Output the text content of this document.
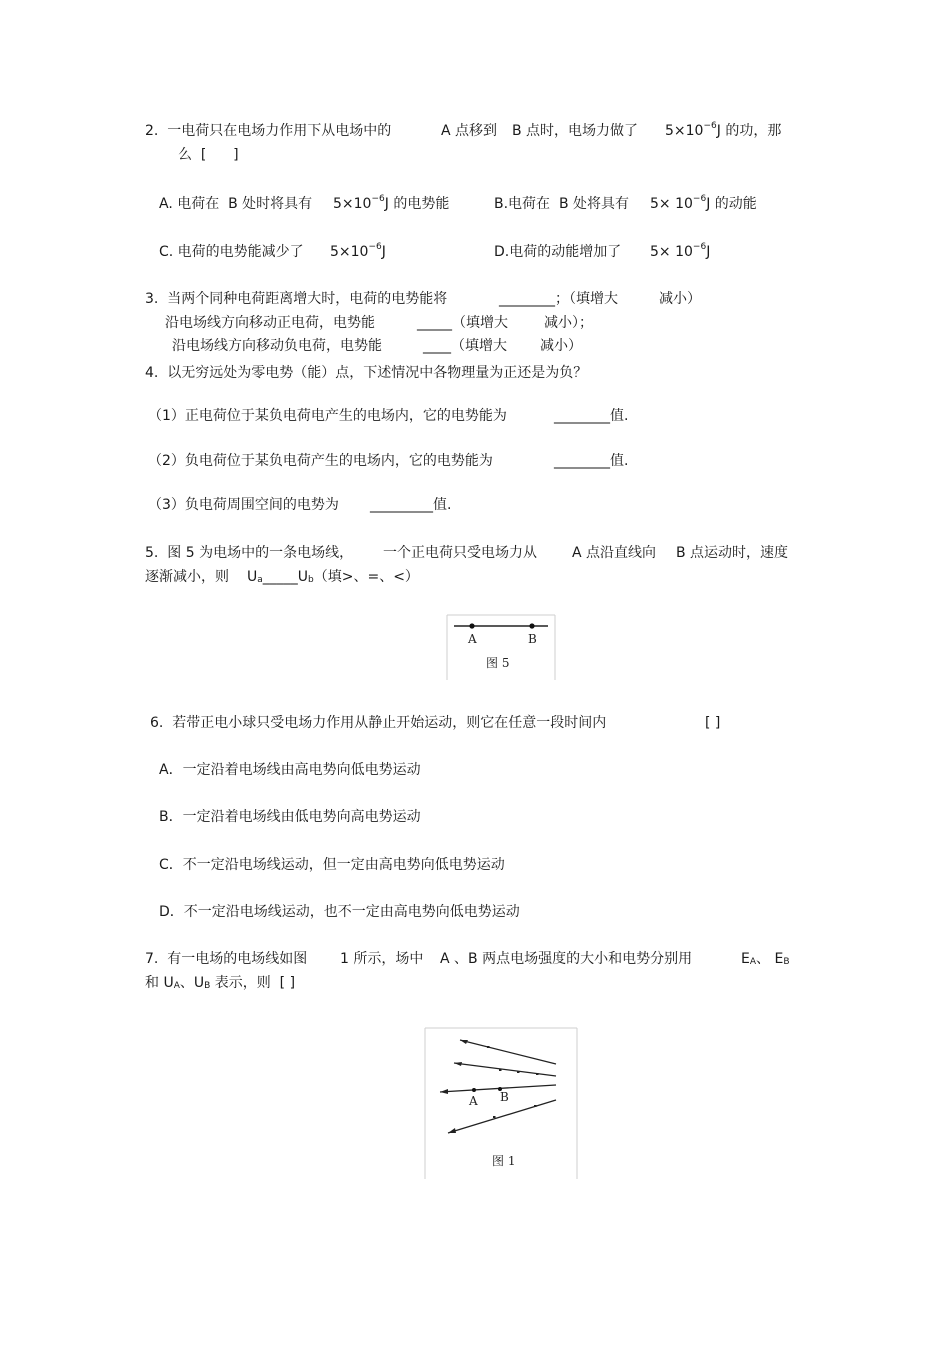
2.  一电荷只在电场力作用下从电场中的	A 点移到 B 点时，电场力做了 $5\times 10^{-6}J$ 的功，那
么  [      ]
A. 电荷在  B 处时将具有 $5\times 10^{-6}J$ 的电势能	B.电荷在  B 处将具有 $5\times 10^{-6}J$ 的动能
C. 电荷的电势能减少了 $5\times 10^{-6}J$	D.电荷的动能增加了 $5\times 10^{-6}J$
3.  当两个同种电荷距离增大时，电荷的电势能将	________；（填增大	减小）
沿电场线方向移动正电荷，电势能	_____（填增大	减小）；
沿电场线方向移动负电荷，电势能	____（填增大 减小）
4.  以无穷远处为零电势（能）点，下述情况中各物理量为正还是为负？
（1）正电荷位于某负电荷电产生的电场内，它的电势能为	________值.
（2）负电荷位于某负电荷产生的电场内，它的电势能为	________值.
（3）负电荷周围空间的电势为 _________值.
5.  图 5 为电场中的一条电场线， 一个正电荷只受电场力从	A 点沿直线向 B 点运动时，速度
逐渐减小，则 $U_a\_\_\_\_\_U_b$（填>、=、<）
A	B
图 5
6.  若带正电小球只受电场力作用从静止开始运动，则它在任意一段时间内	[ ]
A．一定沿着电场线由高电势向低电势运动
B．一定沿着电场线由低电势向高电势运动
C．不一定沿电场线运动，但一定由高电势向低电势运动
D．不一定沿电场线运动，也不一定由高电势向低电势运动
7.  有一电场的电场线如图 1 所示，场中 A 、B 两点电场强度的大小和电势分别用	$E_A$、 $E_B$
和 $U_A$、$U_B$ 表示，则  [ ]
A B
图 1
